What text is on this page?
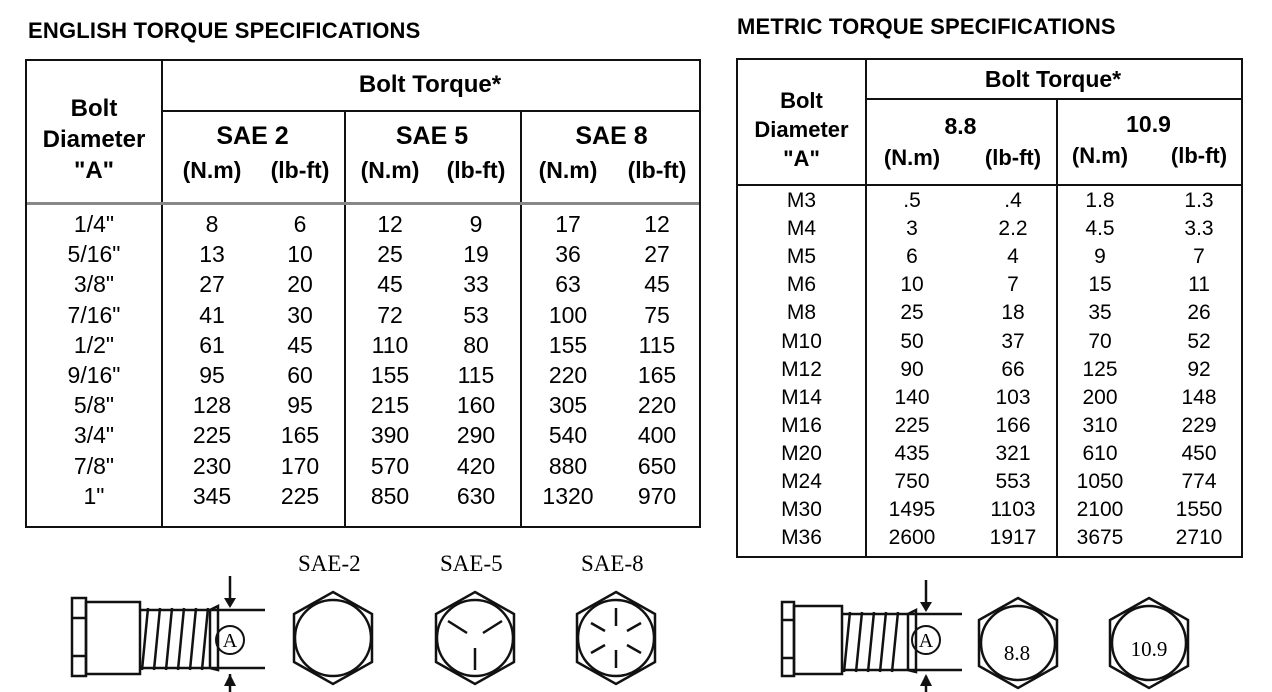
ENGLISH TORQUE SPECIFICATIONS
Bolt
Diameter
"A"
Bolt Torque*
SAE 2	SAE 5	SAE 8
(N.m)	(lb-ft)	(N.m)	(lb-ft)	(N.m)	(lb-ft)
1/4"	8	6	12	9	17	12
5/16"	13	10	25	19	36	27
3/8"	27	20	45	33	63	45
7/16"	41	30	72	53	100	75
1/2"	61	45	110	80	155	115
9/16"	95	60	155	115	220	165
5/8"	128	95	215	160	305	220
3/4"	225	165	390	290	540	400
7/8"	230	170	570	420	880	650
1"	345	225	850	630	1320	970
METRIC TORQUE SPECIFICATIONS
Bolt
Diameter
"A"
Bolt Torque*
8.8	10.9
(N.m)	(lb-ft)	(N.m)	(lb-ft)
M3	.5	.4	1.8	1.3
M4	3	2.2	4.5	3.3
M5	6	4	9	7
M6	10	7	15	11
M8	25	18	35	26
M10	50	37	70	52
M12	90	66	125	92
M14	140	103	200	148
M16	225	166	310	229
M20	435	321	610	450
M24	750	553	1050	774
M30	1495	1103	2100	1550
M36	2600	1917	3675	2710
A
SAE-2	SAE-5	SAE-8
A	8.8	10.9
